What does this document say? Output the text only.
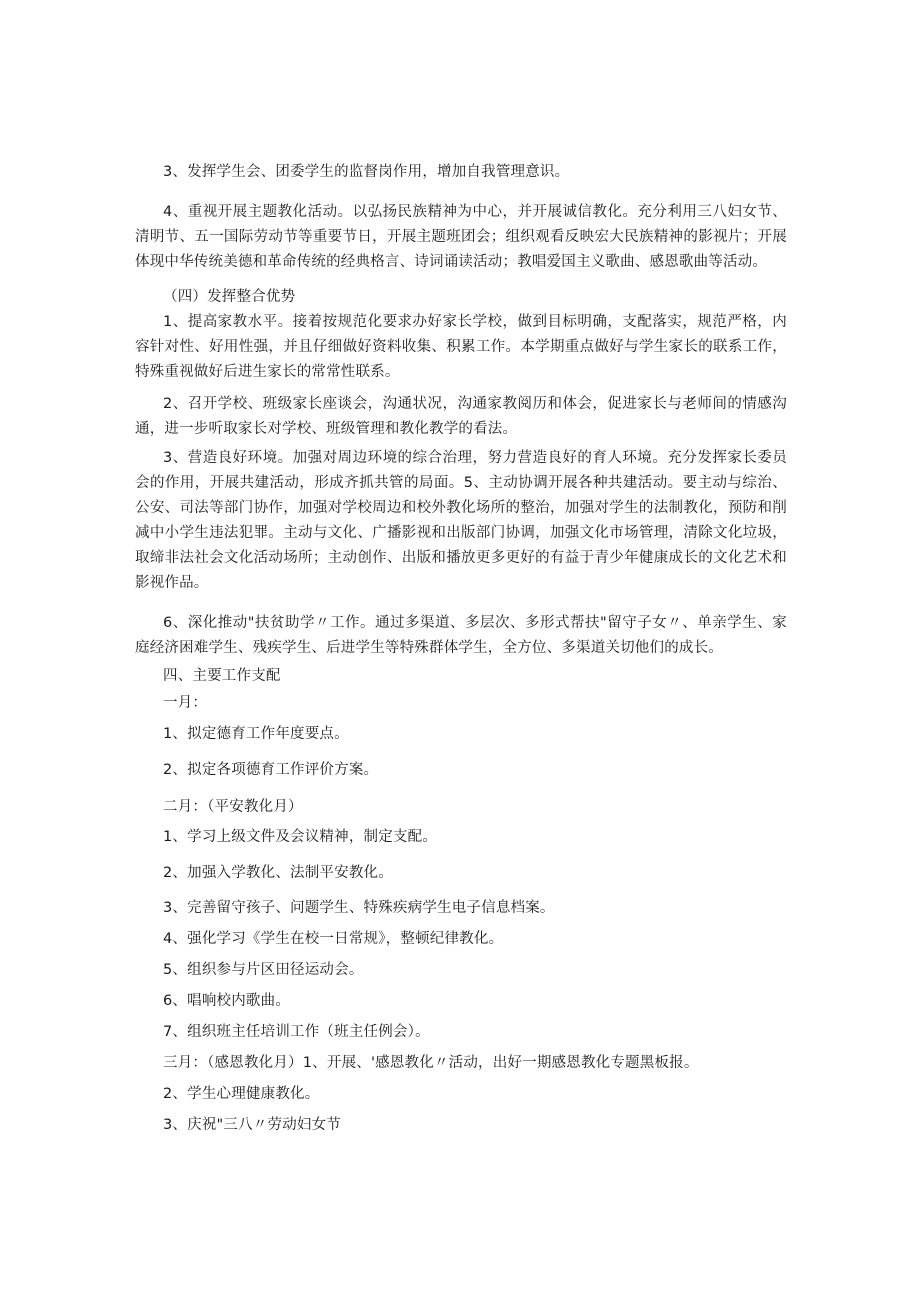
3、发挥学生会、团委学生的监督岗作用，增加自我管理意识。

4、重视开展主题教化活动。以弘扬民族精神为中心，并开展诚信教化。充分利用三八妇女节、清明节、五一国际劳动节等重要节日，开展主题班团会；组织观看反映宏大民族精神的影视片；开展体现中华传统美德和革命传统的经典格言、诗词诵读活动；教唱爱国主义歌曲、感恩歌曲等活动。

（四）发挥整合优势

1、提高家教水平。接着按规范化要求办好家长学校，做到目标明确，支配落实，规范严格，内容针对性、好用性强，并且仔细做好资料收集、积累工作。本学期重点做好与学生家长的联系工作，特殊重视做好后进生家长的常常性联系。

2、召开学校、班级家长座谈会，沟通状况，沟通家教阅历和体会，促进家长与老师间的情感沟通，进一步听取家长对学校、班级管理和教化教学的看法。

3、营造良好环境。加强对周边环境的综合治理，努力营造良好的育人环境。充分发挥家长委员会的作用，开展共建活动，形成齐抓共管的局面。5、主动协调开展各种共建活动。要主动与综治、公安、司法等部门协作，加强对学校周边和校外教化场所的整治，加强对学生的法制教化，预防和削减中小学生违法犯罪。主动与文化、广播影视和出版部门协调，加强文化市场管理，清除文化垃圾，取缔非法社会文化活动场所；主动创作、出版和播放更多更好的有益于青少年健康成长的文化艺术和影视作品。

6、深化推动"扶贫助学〃工作。通过多渠道、多层次、多形式帮扶"留守子女〃、单亲学生、家庭经济困难学生、残疾学生、后进学生等特殊群体学生，全方位、多渠道关切他们的成长。

四、主要工作支配

一月：

1、拟定德育工作年度要点。

2、拟定各项德育工作评价方案。

二月：（平安教化月）

1、学习上级文件及会议精神，制定支配。

2、加强入学教化、法制平安教化。

3、完善留守孩子、问题学生、特殊疾病学生电子信息档案。

4、强化学习《学生在校一日常规》，整顿纪律教化。

5、组织参与片区田径运动会。

6、唱响校内歌曲。

7、组织班主任培训工作（班主任例会）。

三月：（感恩教化月）1、开展、'感恩教化〃活动，出好一期感恩教化专题黑板报。

2、学生心理健康教化。

3、庆祝"三八〃劳动妇女节
